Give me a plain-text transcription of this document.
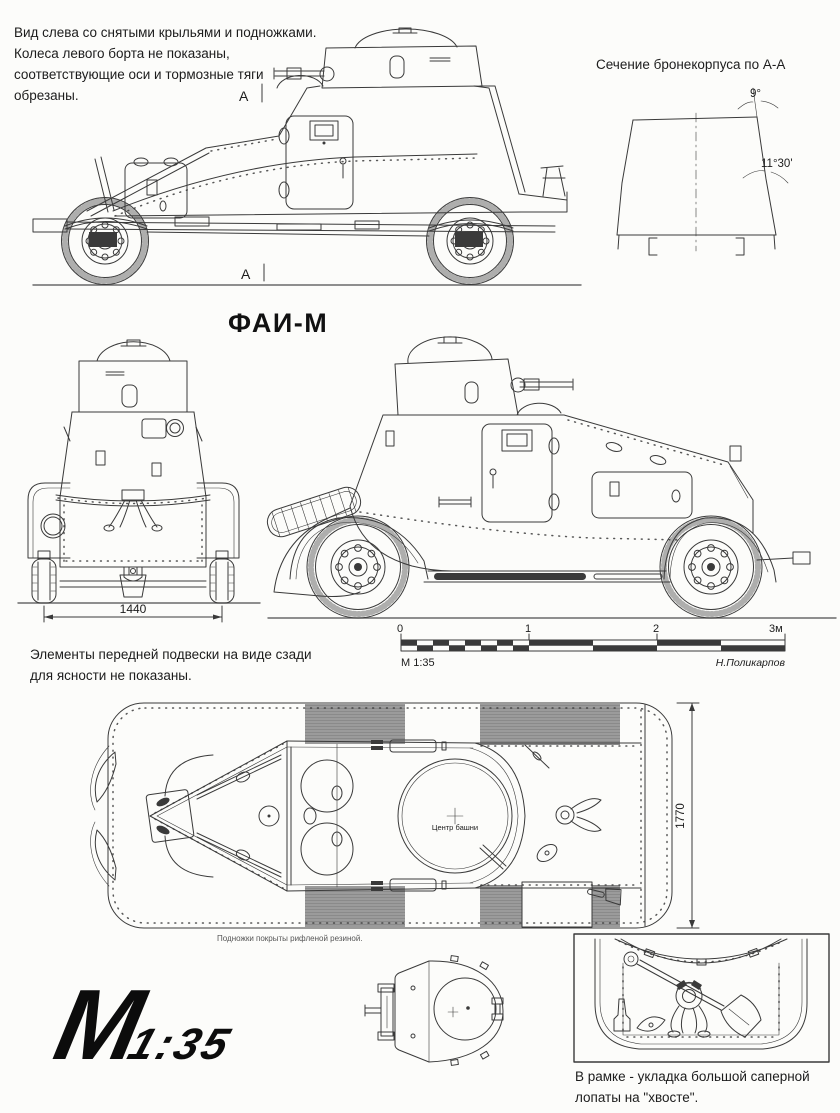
Вид слева со снятыми крыльями и подножками.
Колеса левого борта не показаны,
соответствующие оси и тормозные тяги
обрезаны.	А
А
Сечение бронекорпуса по А-А
9°
11°30'
ФАИ-М
1440
Элементы передней подвески на виде сзади
для ясности не показаны.
0	1	2	3м
М 1:35	Н.Поликарпов
Центр башни	1770
Подножки покрыты рифленой резиной.
М
1:35
В рамке - укладка большой саперной
лопаты на "хвосте".
